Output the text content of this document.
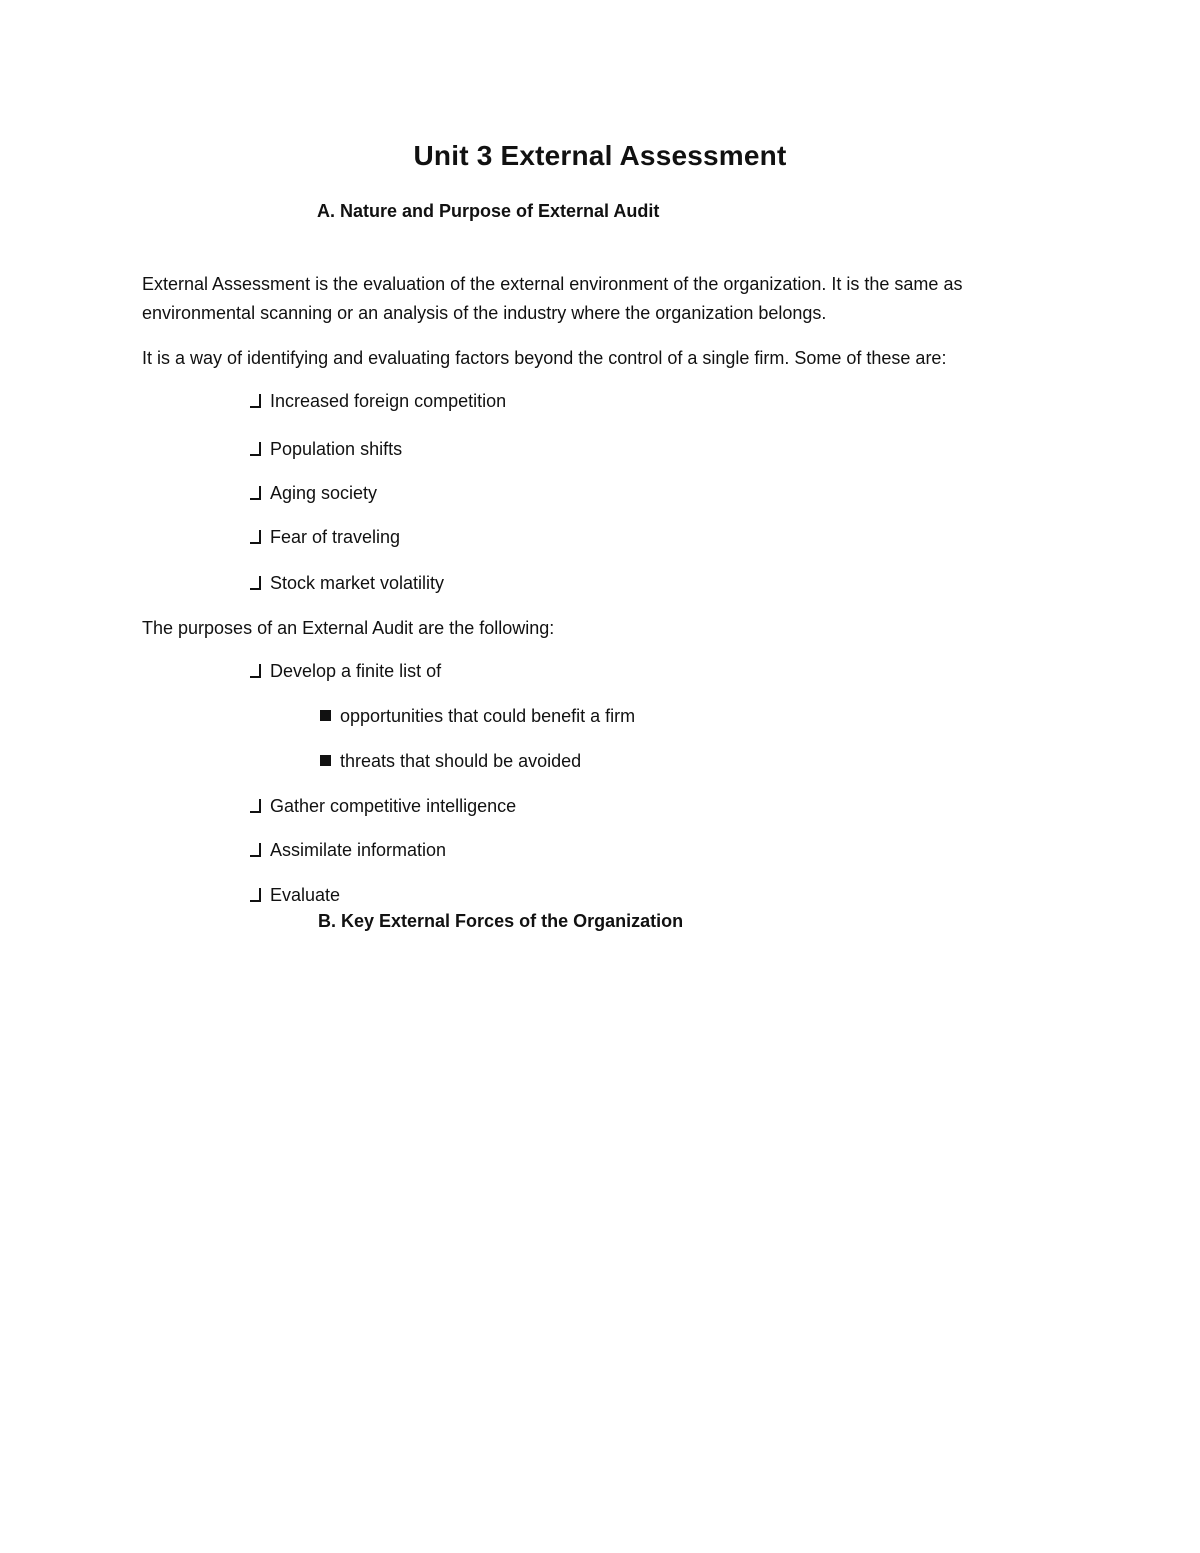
Unit 3 External Assessment
A. Nature and Purpose of External Audit
External Assessment is the evaluation of the external environment of the organization. It is the same as environmental scanning or an analysis of the industry where the organization belongs.
It is a way of identifying and evaluating factors beyond the control of a single firm. Some of these are:
Increased foreign competition
Population shifts
Aging society
Fear of traveling
Stock market volatility
The purposes of an External Audit are the following:
Develop a finite list of
opportunities that could benefit a firm
threats that should be avoided
Gather competitive intelligence
Assimilate information
Evaluate
B. Key External Forces of the Organization
